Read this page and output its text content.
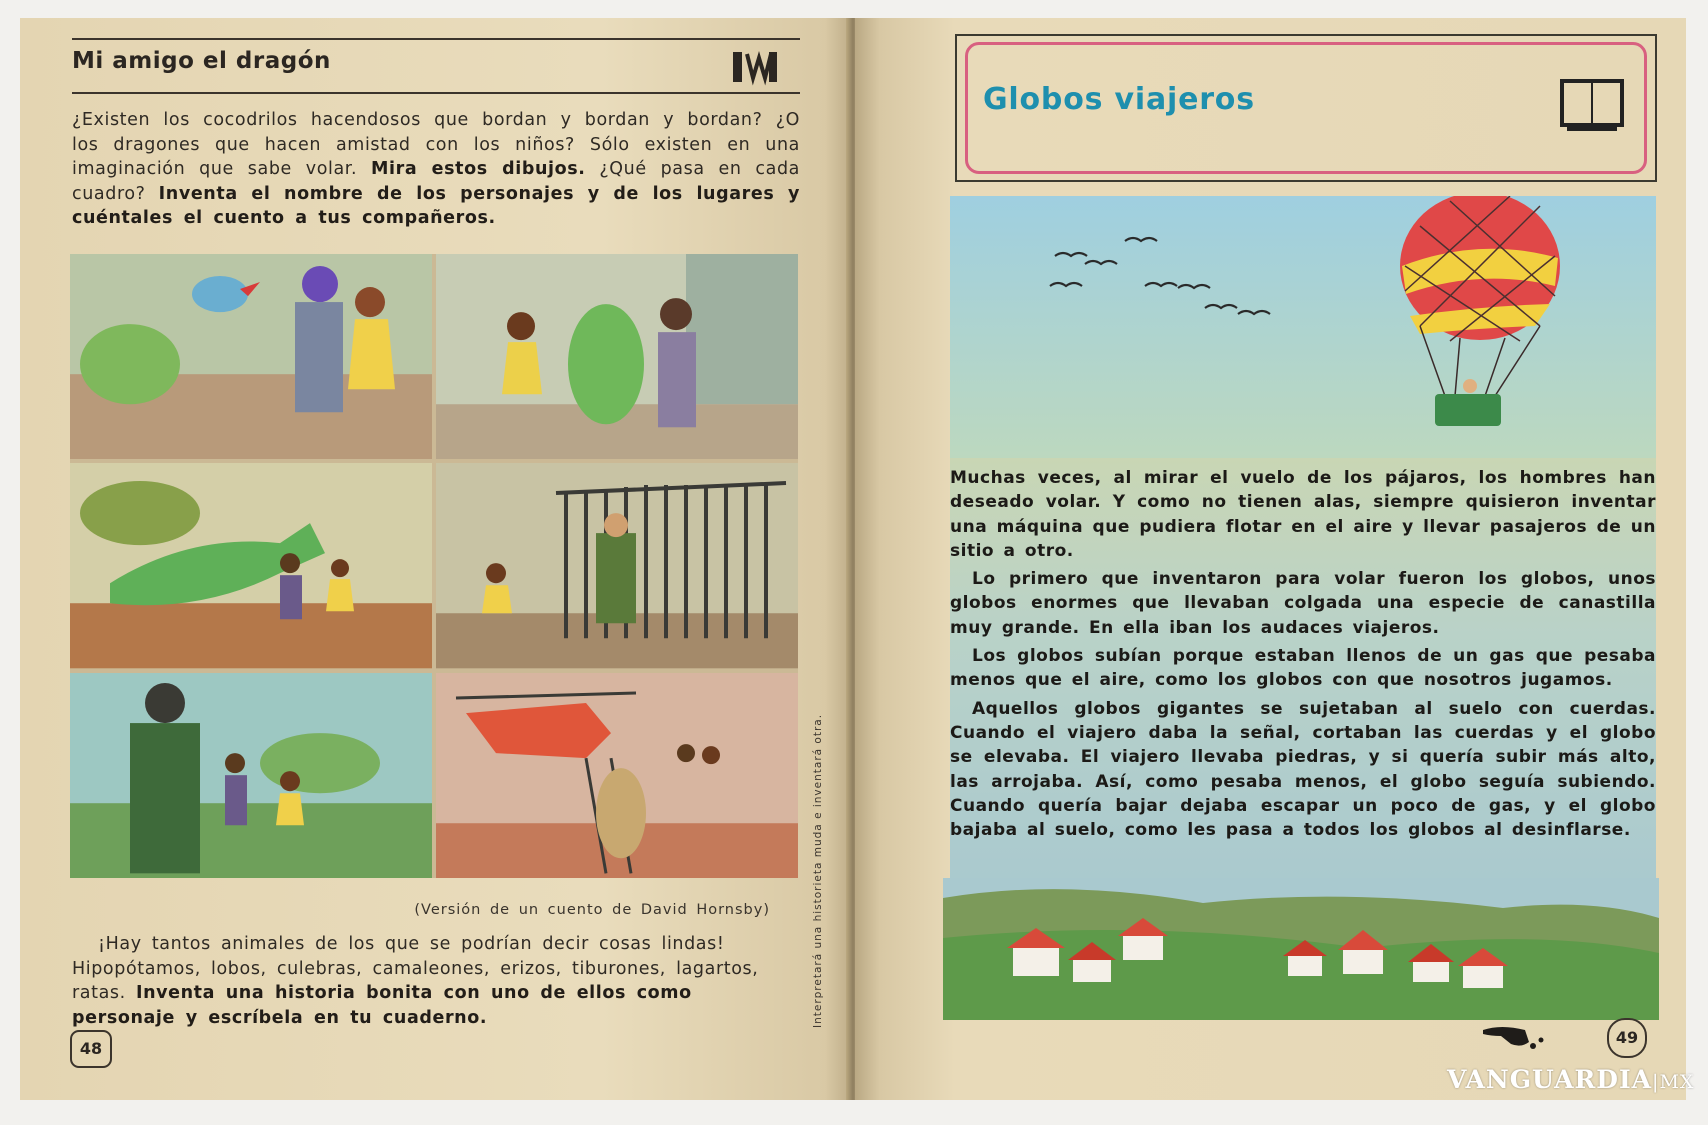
Mi amigo el dragón
¿Existen los cocodrilos hacendosos que bordan y bordan y bordan? ¿O los dragones que hacen amistad con los niños? Sólo existen en una imaginación que sabe volar. Mira estos dibujos. ¿Qué pasa en cada cuadro? Inventa el nombre de los personajes y de los lugares y cuéntales el cuento a tus compañeros.
(Versión de un cuento de David Hornsby)
¡Hay tantos animales de los que se podrían decir cosas lindas! Hipopótamos, lobos, culebras, camaleones, erizos, tiburones, lagartos, ratas. Inventa una historia bonita con uno de ellos como personaje y escríbela en tu cuaderno.	Interpretará una historieta muda e inventará otra.
48
Globos viajeros

Muchas veces, al mirar el vuelo de los pájaros, los hombres han deseado volar. Y como no tienen alas, siempre quisieron inventar una máquina que pudiera flotar en el aire y llevar pasajeros de un sitio a otro.

Lo primero que inventaron para volar fueron los globos, unos globos enormes que llevaban colgada una especie de canastilla muy grande. En ella iban los audaces viajeros.

Los globos subían porque estaban llenos de un gas que pesaba menos que el aire, como los globos con que nosotros jugamos.

Aquellos globos gigantes se sujetaban al suelo con cuerdas. Cuando el viajero daba la señal, cortaban las cuerdas y el globo se elevaba. El viajero llevaba piedras, y si quería subir más alto, las arrojaba. Así, como pesaba menos, el globo seguía subiendo. Cuando quería bajar dejaba escapar un poco de gas, y el globo bajaba al suelo, como les pasa a todos los globos al desinflarse.

49
VANGUARDIA|MX
